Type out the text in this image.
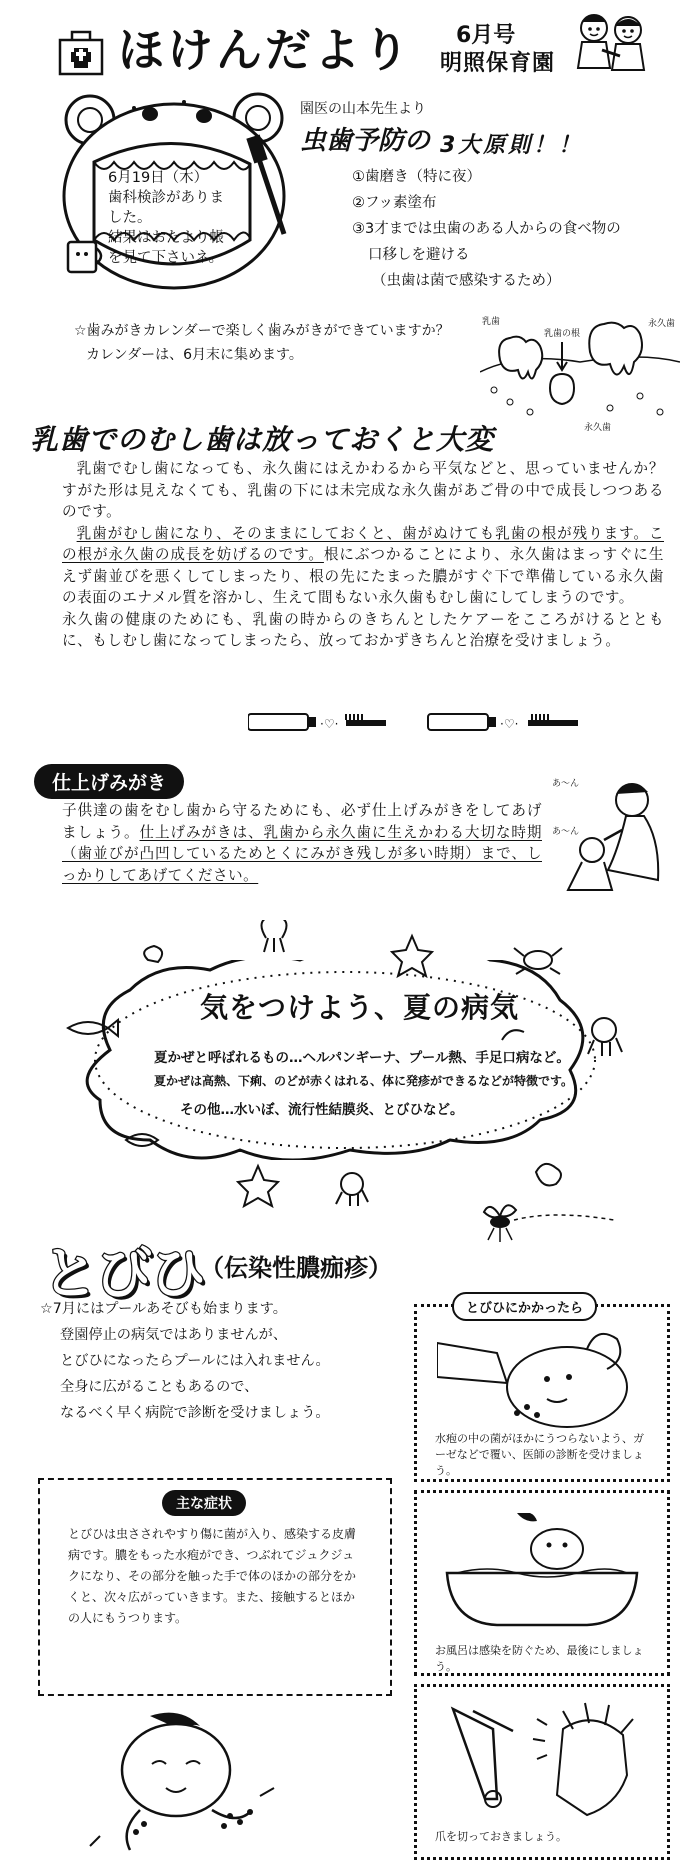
ほけんだより 6月号
明照保育園
6月19日（木）
歯科検診がありま
した。
結果はおたより帳
を見て下さいネ。
園医の山本先生より
虫歯予防の 3大原則！！
①歯磨き（特に夜）
②フッ素塗布
③3才までは虫歯のある人からの食べ物の
口移しを避ける
（虫歯は菌で感染するため）
☆歯みがきカレンダーで楽しく歯みがきができていますか？
カレンダーは、6月末に集めます。
乳歯
乳歯の根
永久歯
永久歯
乳歯でのむし歯は放っておくと大変

乳歯でむし歯になっても、永久歯にはえかわるから平気などと、思っていませんか？すがた形は見えなくても、乳歯の下には未完成な永久歯があご骨の中で成長しつつあるのです。

乳歯がむし歯になり、そのままにしておくと、歯がぬけても乳歯の根が残ります。この根が永久歯の成長を妨げるのです。根にぶつかることにより、永久歯はまっすぐに生えず歯並びを悪くしてしまったり、根の先にたまった膿がすぐ下で準備している永久歯の表面のエナメル質を溶かし、生えて間もない永久歯もむし歯にしてしまうのです。

永久歯の健康のためにも、乳歯の時からのきちんとしたケアーをこころがけるとともに、もしむし歯になってしまったら、放っておかずきちんと治療を受けましょう。

·♡·	·♡·
仕上げみがき

子供達の歯をむし歯から守るためにも、必ず仕上げみがきをしてあげましょう。仕上げみがきは、乳歯から永久歯に生えかわる大切な時期（歯並びが凸凹しているためとくにみがき残しが多い時期）まで、しっかりしてあげてください。

あ〜ん
あ〜ん
気をつけよう、夏の病気
夏かぜと呼ばれるもの…ヘルパンギーナ、プール熱、手足口病など。
夏かぜは高熱、下痢、のどが赤くはれる、体に発疹ができるなどが特徴です。
その他…水いぼ、流行性結膜炎、とびひなど。
とびひ
（伝染性膿痂疹）
☆7月にはプールあそびも始まります。
登園停止の病気ではありませんが、
とびひになったらプールには入れません。
全身に広がることもあるので、
なるべく早く病院で診断を受けましょう。
主な症状
とびひは虫さされやすり傷に菌が入り、感染する皮膚病です。膿をもった水疱ができ、つぶれてジュクジュクになり、その部分を触った手で体のほかの部分をかくと、次々広がっていきます。また、接触するとほかの人にもうつります。
水疱の中の菌がほかにうつらないよう、ガーゼなどで覆い、医師の診断を受けましょう。
とびひにかかったら
お風呂は感染を防ぐため、最後にしましょう。
爪を切っておきましょう。
